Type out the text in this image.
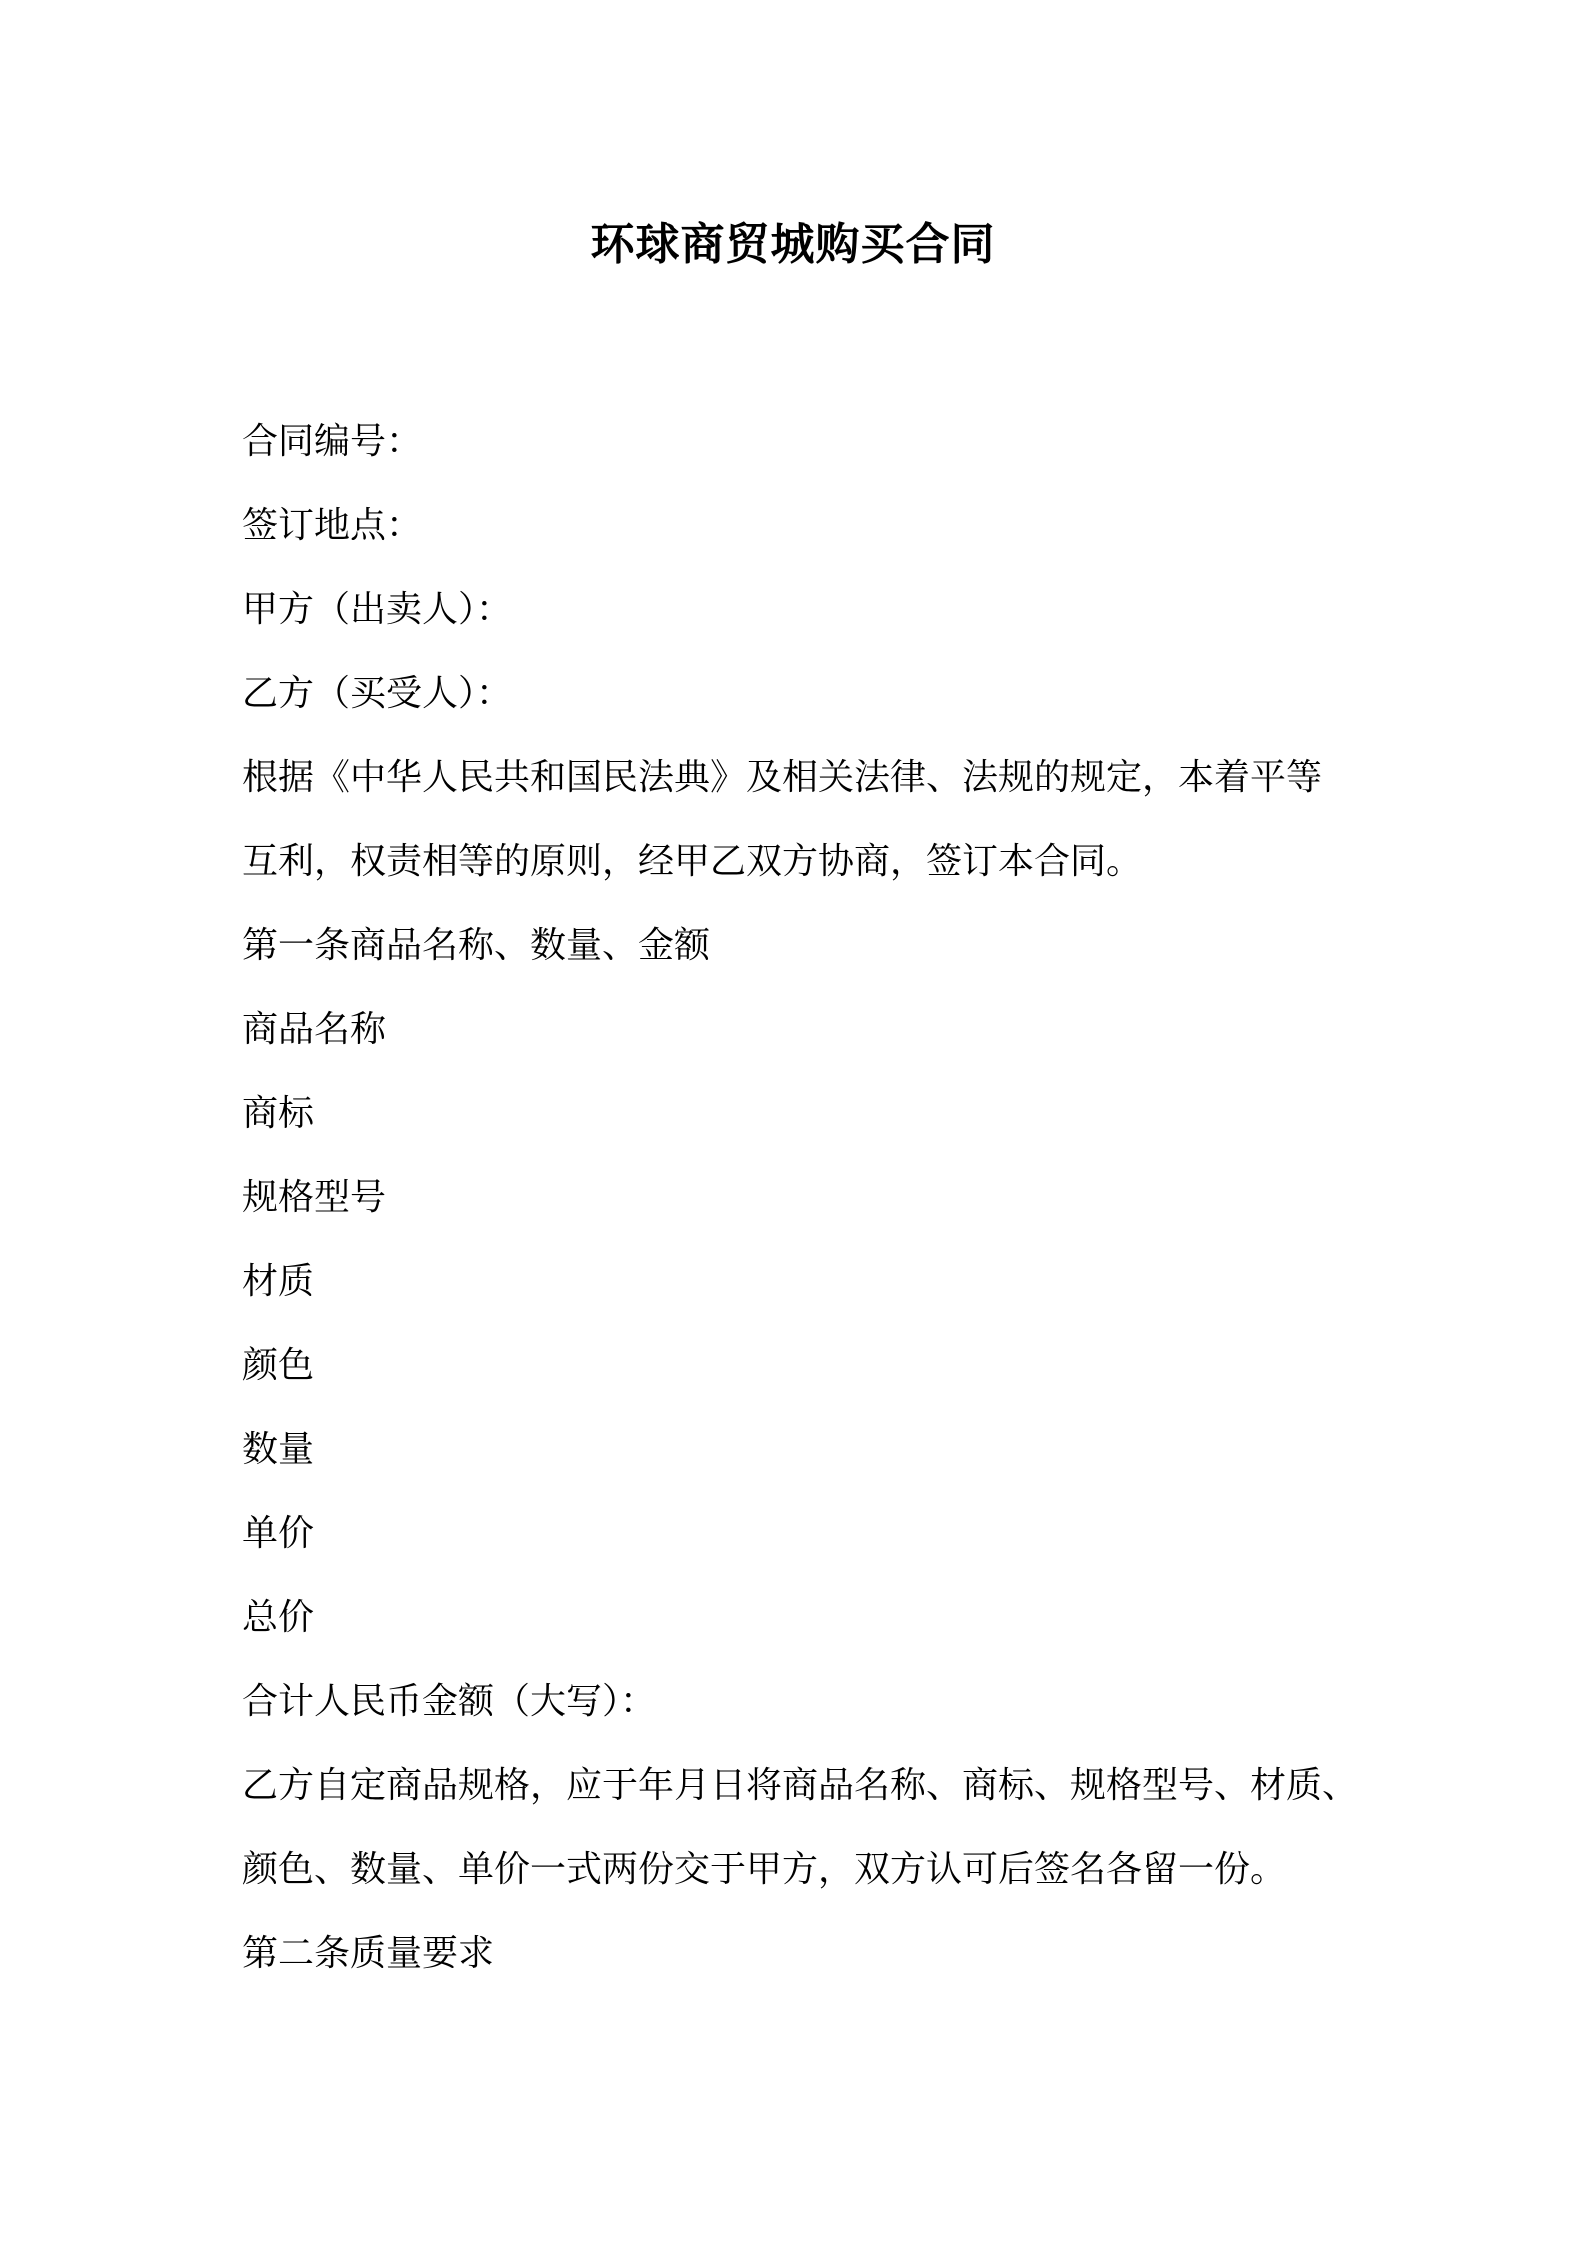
环球商贸城购买合同
合同编号：
签订地点：
甲方（出卖人）：
乙方（买受人）：
根据《中华人民共和国民法典》及相关法律、法规的规定，本着平等
互利，权责相等的原则，经甲乙双方协商，签订本合同。
第一条商品名称、数量、金额
商品名称
商标
规格型号
材质
颜色
数量
单价
总价
合计人民币金额（大写）：
乙方自定商品规格，应于年月日将商品名称、商标、规格型号、材质、
颜色、数量、单价一式两份交于甲方，双方认可后签名各留一份。
第二条质量要求
